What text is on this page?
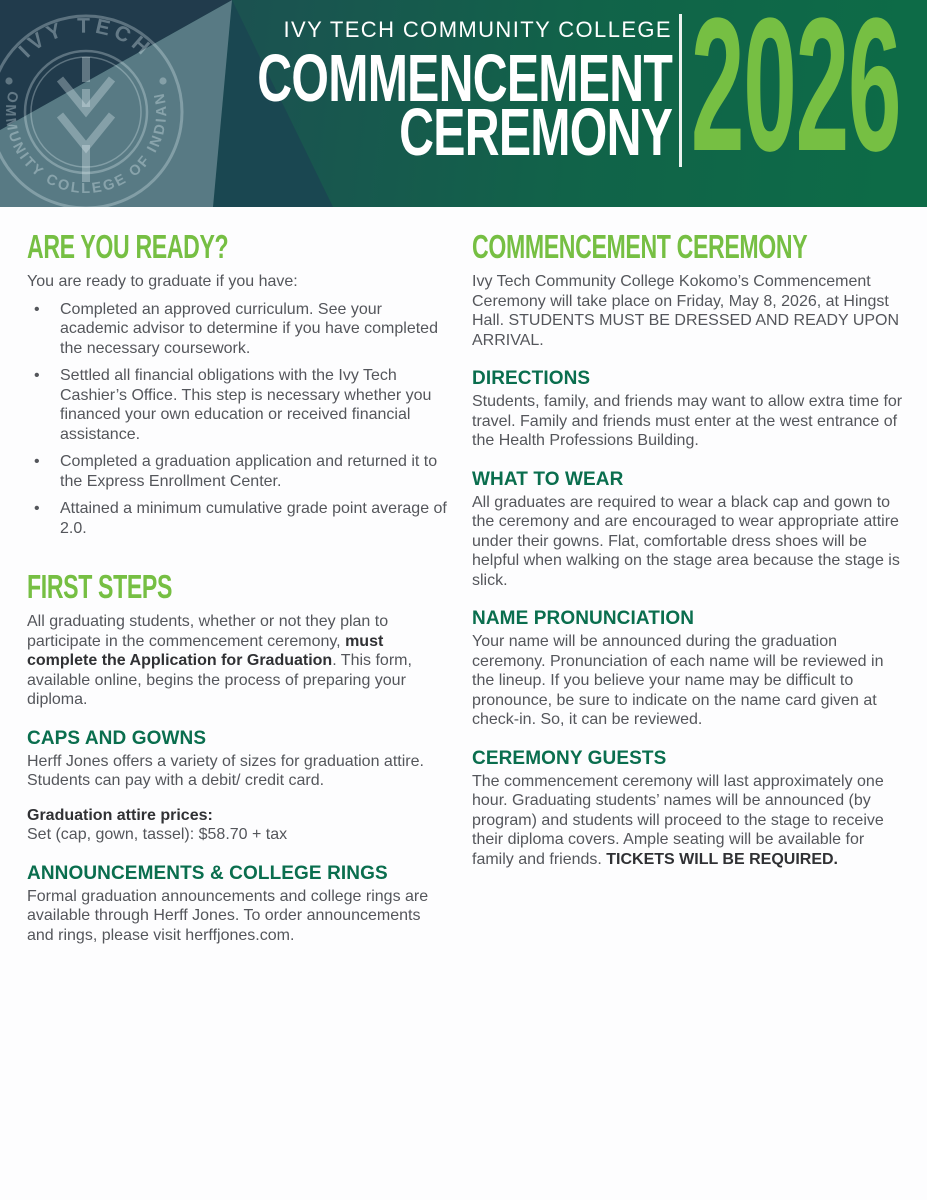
IVY TECH
COMMUNITY COLLEGE OF INDIANA
IVY TECH COMMUNITY COLLEGE
COMMENCEMENT
CEREMONY 2026
ARE YOU READY?

You are ready to graduate if you have:

• Completed an approved curriculum. See your academic advisor to determine if you have completed the necessary coursework.
• Settled all financial obligations with the Ivy Tech Cashier’s Office. This step is necessary whether you financed your own education or received financial assistance.
• Completed a graduation application and returned it to the Express Enrollment Center.
• Attained a minimum cumulative grade point average of 2.0.
FIRST STEPS

All graduating students, whether or not they plan to participate in the commencement ceremony, must complete the Application for Graduation. This form, available online, begins the process of preparing your diploma.

CAPS AND GOWNS

Herff Jones offers a variety of sizes for graduation attire. Students can pay with a debit/ credit card.

Graduation attire prices:
Set (cap, gown, tassel): $58.70 + tax

ANNOUNCEMENTS & COLLEGE RINGS

Formal graduation announcements and college rings are available through Herff Jones. To order announcements and rings, please visit herffjones.com.

COMMENCEMENT CEREMONY

Ivy Tech Community College Kokomo’s Commencement Ceremony will take place on Friday, May 8, 2026, at Hingst Hall. STUDENTS MUST BE DRESSED AND READY UPON ARRIVAL.

DIRECTIONS

Students, family, and friends may want to allow extra time for travel. Family and friends must enter at the west entrance of the Health Professions Building.

WHAT TO WEAR

All graduates are required to wear a black cap and gown to the ceremony and are encouraged to wear appropriate attire under their gowns. Flat, comfortable dress shoes will be helpful when walking on the stage area because the stage is slick.

NAME PRONUNCIATION

Your name will be announced during the graduation ceremony. Pronunciation of each name will be reviewed in the lineup. If you believe your name may be difficult to pronounce, be sure to indicate on the name card given at check-in. So, it can be reviewed.

CEREMONY GUESTS

The commencement ceremony will last approximately one hour. Graduating students’ names will be announced (by program) and students will proceed to the stage to receive their diploma covers. Ample seating will be available for family and friends. TICKETS WILL BE REQUIRED.
